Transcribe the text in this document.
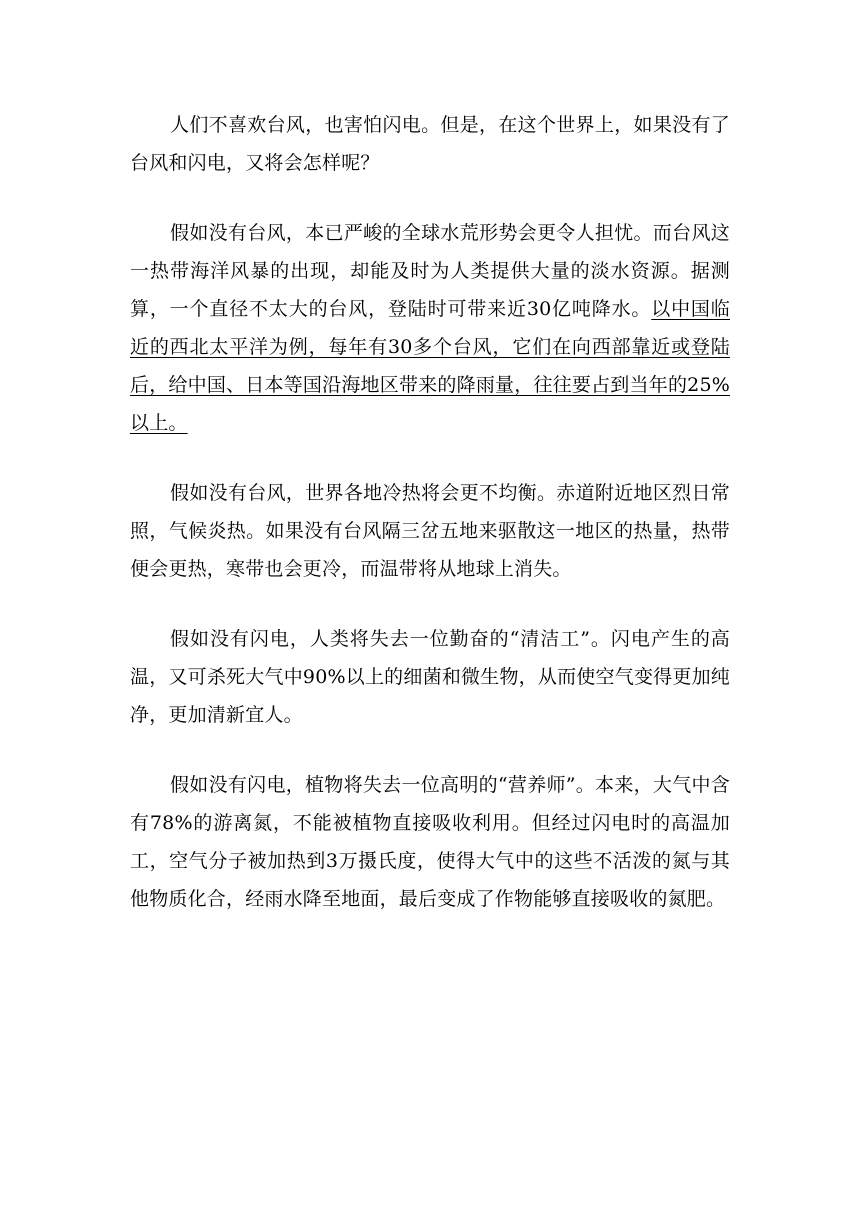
人们不喜欢台风，也害怕闪电。但是，在这个世界上，如果没有了台风和闪电，又将会怎样呢？

假如没有台风，本已严峻的全球水荒形势会更令人担忧。而台风这一热带海洋风暴的出现，却能及时为人类提供大量的淡水资源。据测算，一个直径不太大的台风，登陆时可带来近30亿吨降水。以中国临近的西北太平洋为例，每年有30多个台风，它们在向西部靠近或登陆后，给中国、日本等国沿海地区带来的降雨量，往往要占到当年的25%以上。

假如没有台风，世界各地冷热将会更不均衡。赤道附近地区烈日常照，气候炎热。如果没有台风隔三岔五地来驱散这一地区的热量，热带便会更热，寒带也会更冷，而温带将从地球上消失。

假如没有闪电，人类将失去一位勤奋的“清洁工”。闪电产生的高温，又可杀死大气中90%以上的细菌和微生物，从而使空气变得更加纯净，更加清新宜人。

假如没有闪电，植物将失去一位高明的“营养师”。本来，大气中含有78%的游离氮，不能被植物直接吸收利用。但经过闪电时的高温加工，空气分子被加热到3万摄氏度，使得大气中的这些不活泼的氮与其他物质化合，经雨水降至地面，最后变成了作物能够直接吸收的氮肥。
